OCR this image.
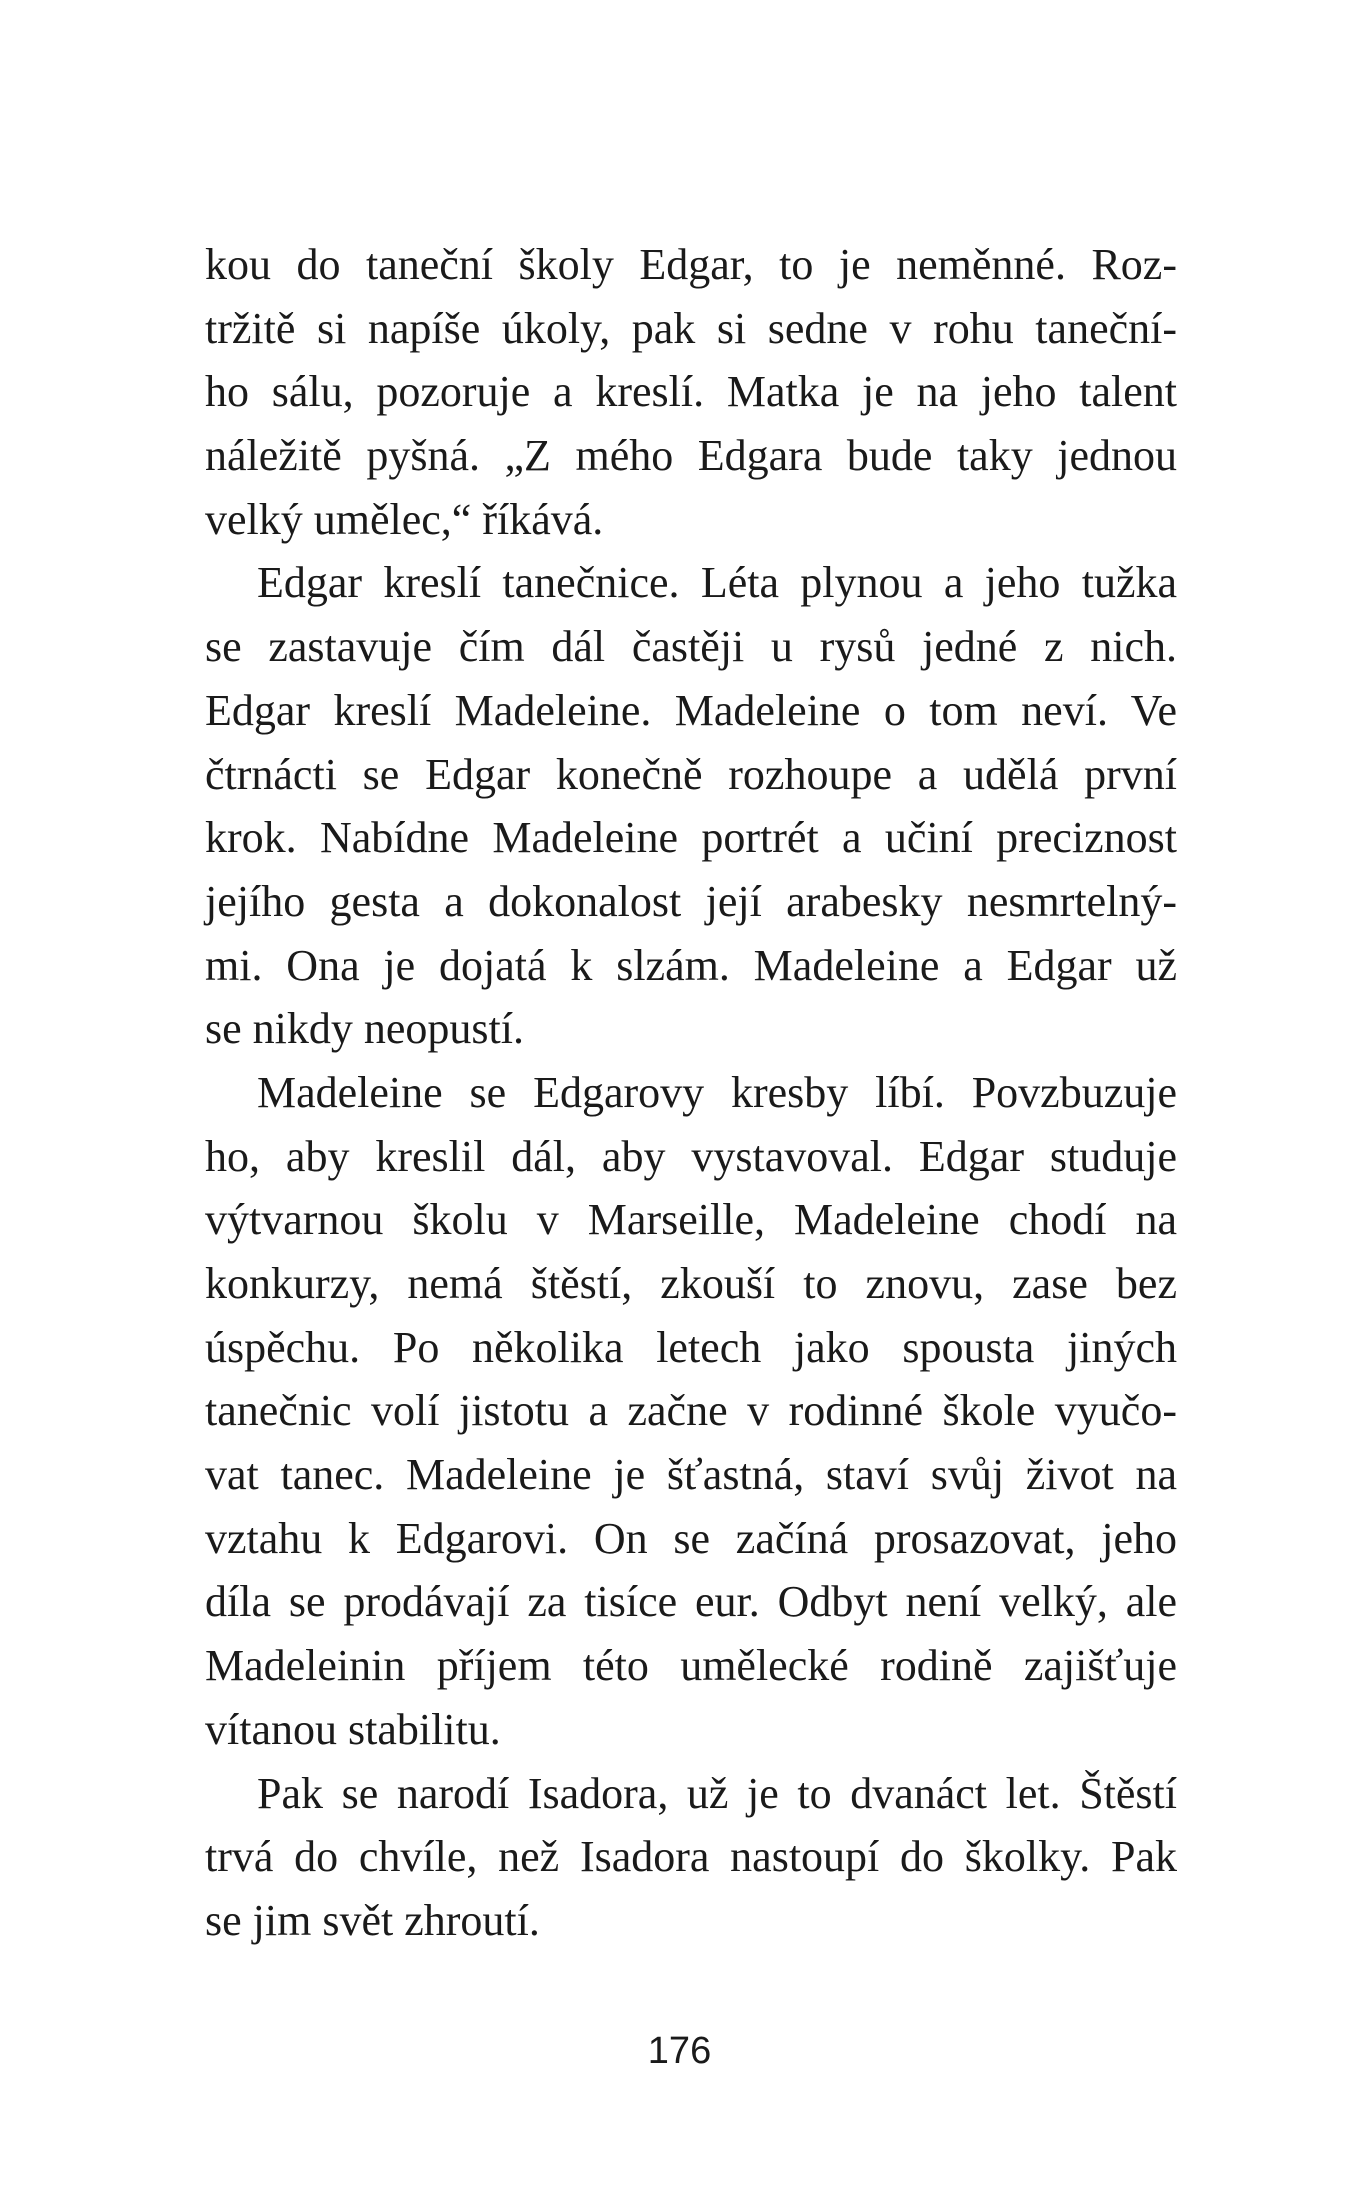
kou do taneční školy Edgar, to je neměnné. Roz-
tržitě si napíše úkoly, pak si sedne v rohu taneční-
ho sálu, pozoruje a kreslí. Matka je na jeho talent
náležitě pyšná. „Z mého Edgara bude taky jednou
velký umělec,“ říkává.
Edgar kreslí tanečnice. Léta plynou a jeho tužka
se zastavuje čím dál častěji u rysů jedné z nich.
Edgar kreslí Madeleine. Madeleine o tom neví. Ve
čtrnácti se Edgar konečně rozhoupe a udělá první
krok. Nabídne Madeleine portrét a učiní preciznost
jejího gesta a dokonalost její arabesky nesmrtelný-
mi. Ona je dojatá k slzám. Madeleine a Edgar už
se nikdy neopustí.
Madeleine se Edgarovy kresby líbí. Povzbuzuje
ho, aby kreslil dál, aby vystavoval. Edgar studuje
výtvarnou školu v Marseille, Madeleine chodí na
konkurzy, nemá štěstí, zkouší to znovu, zase bez
úspěchu. Po několika letech jako spousta jiných
tanečnic volí jistotu a začne v rodinné škole vyučo-
vat tanec. Madeleine je šťastná, staví svůj život na
vztahu k Edgarovi. On se začíná prosazovat, jeho
díla se prodávají za tisíce eur. Odbyt není velký, ale
Madeleinin příjem této umělecké rodině zajišťuje
vítanou stabilitu.
Pak se narodí Isadora, už je to dvanáct let. Štěstí
trvá do chvíle, než Isadora nastoupí do školky. Pak
se jim svět zhroutí.
176
